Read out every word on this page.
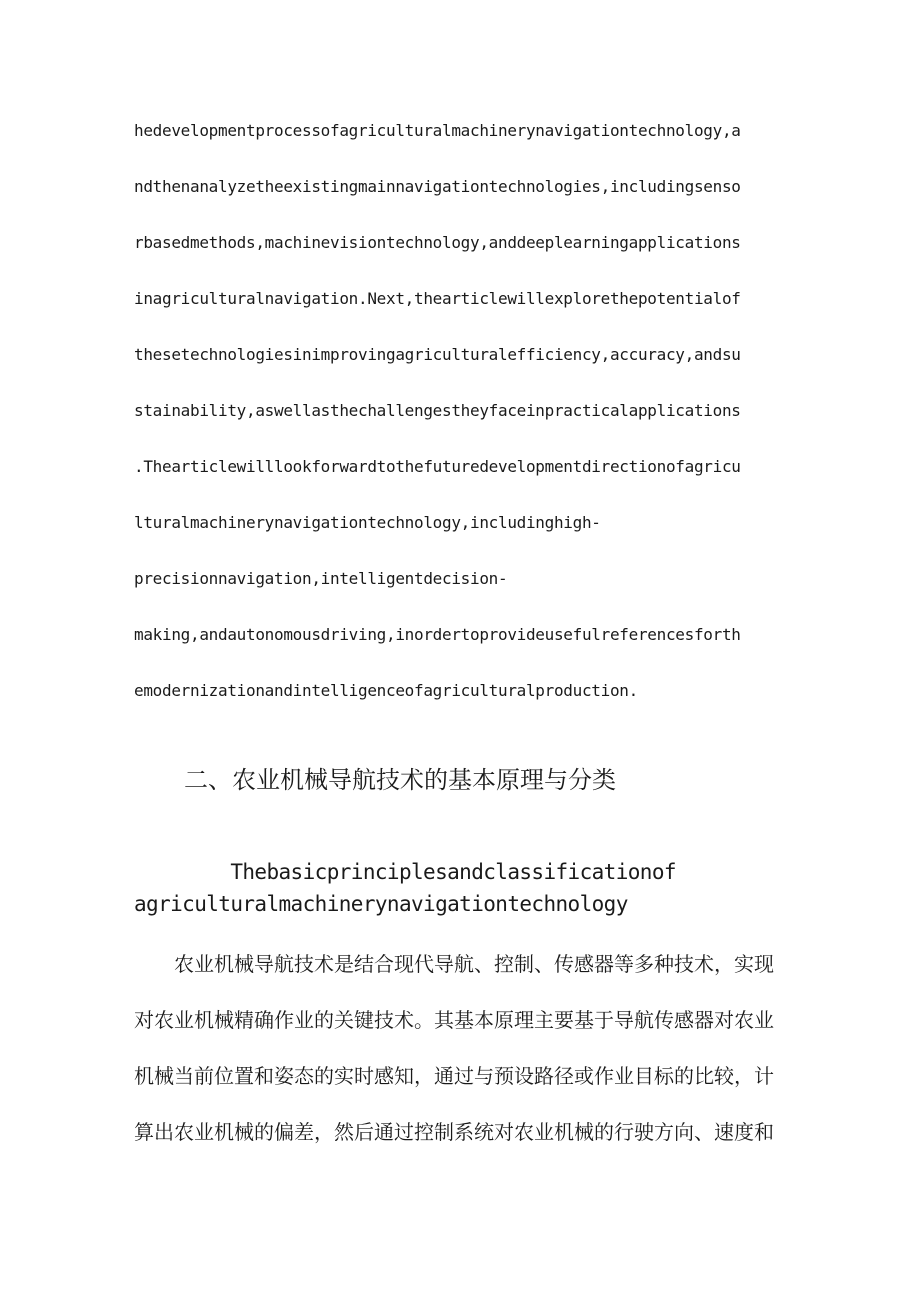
hedevelopmentprocessofagriculturalmachinerynavigationtechnology,a
ndthenanalyzetheexistingmainnavigationtechnologies,includingsenso
rbasedmethods,machinevisiontechnology,anddeeplearningapplications
inagriculturalnavigation.Next,thearticlewillexplorethepotentialof
thesetechnologiesinimprovingagriculturalefficiency,accuracy,andsu
stainability,aswellasthechallengestheyfaceinpracticalapplications
.Thearticlewilllookforwardtothefuturedevelopmentdirectionofagricu
lturalmachinerynavigationtechnology,includinghigh-
precisionnavigation,intelligentdecision-
making,andautonomousdriving,inordertoprovideusefulreferencesforth
emodernizationandintelligenceofagriculturalproduction.
二、农业机械导航技术的基本原理与分类
Thebasicprinciplesandclassificationof
agriculturalmachinerynavigationtechnology
　　农业机械导航技术是结合现代导航、控制、传感器等多种技术，实现
对农业机械精确作业的关键技术。其基本原理主要基于导航传感器对农业
机械当前位置和姿态的实时感知，通过与预设路径或作业目标的比较，计
算出农业机械的偏差，然后通过控制系统对农业机械的行驶方向、速度和
